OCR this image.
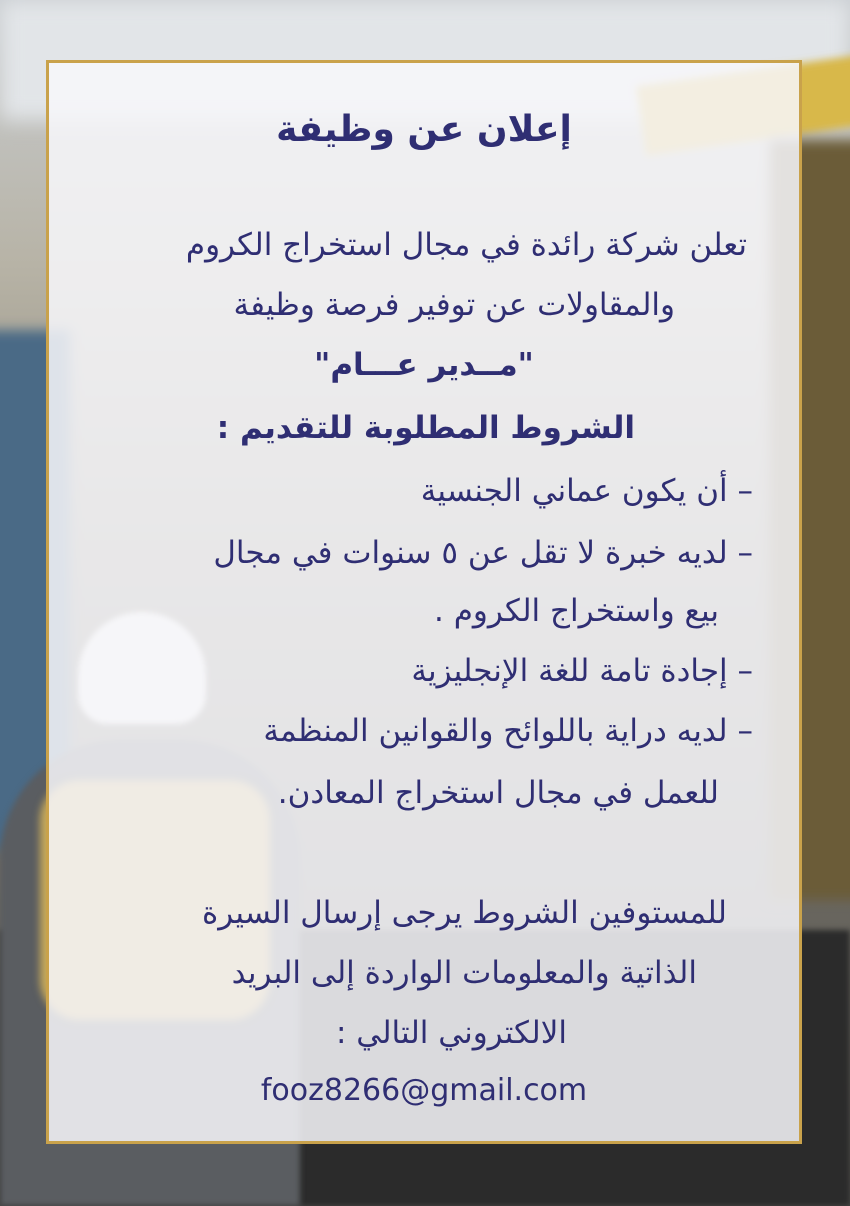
إعلان عن وظيفة
تعلن شركة رائدة في مجال استخراج الكروم
والمقاولات عن توفير فرصة وظيفة
"مــدير عـــام"
الشروط المطلوبة للتقديم :
– أن يكون عماني الجنسية
– لديه خبرة لا تقل عن ٥ سنوات في مجال
بيع واستخراج الكروم .
– إجادة تامة للغة الإنجليزية
– لديه دراية باللوائح والقوانين المنظمة
للعمل في مجال استخراج المعادن.
للمستوفين الشروط يرجى إرسال السيرة
الذاتية والمعلومات الواردة إلى البريد
الالكتروني التالي :
fooz8266@gmail.com
